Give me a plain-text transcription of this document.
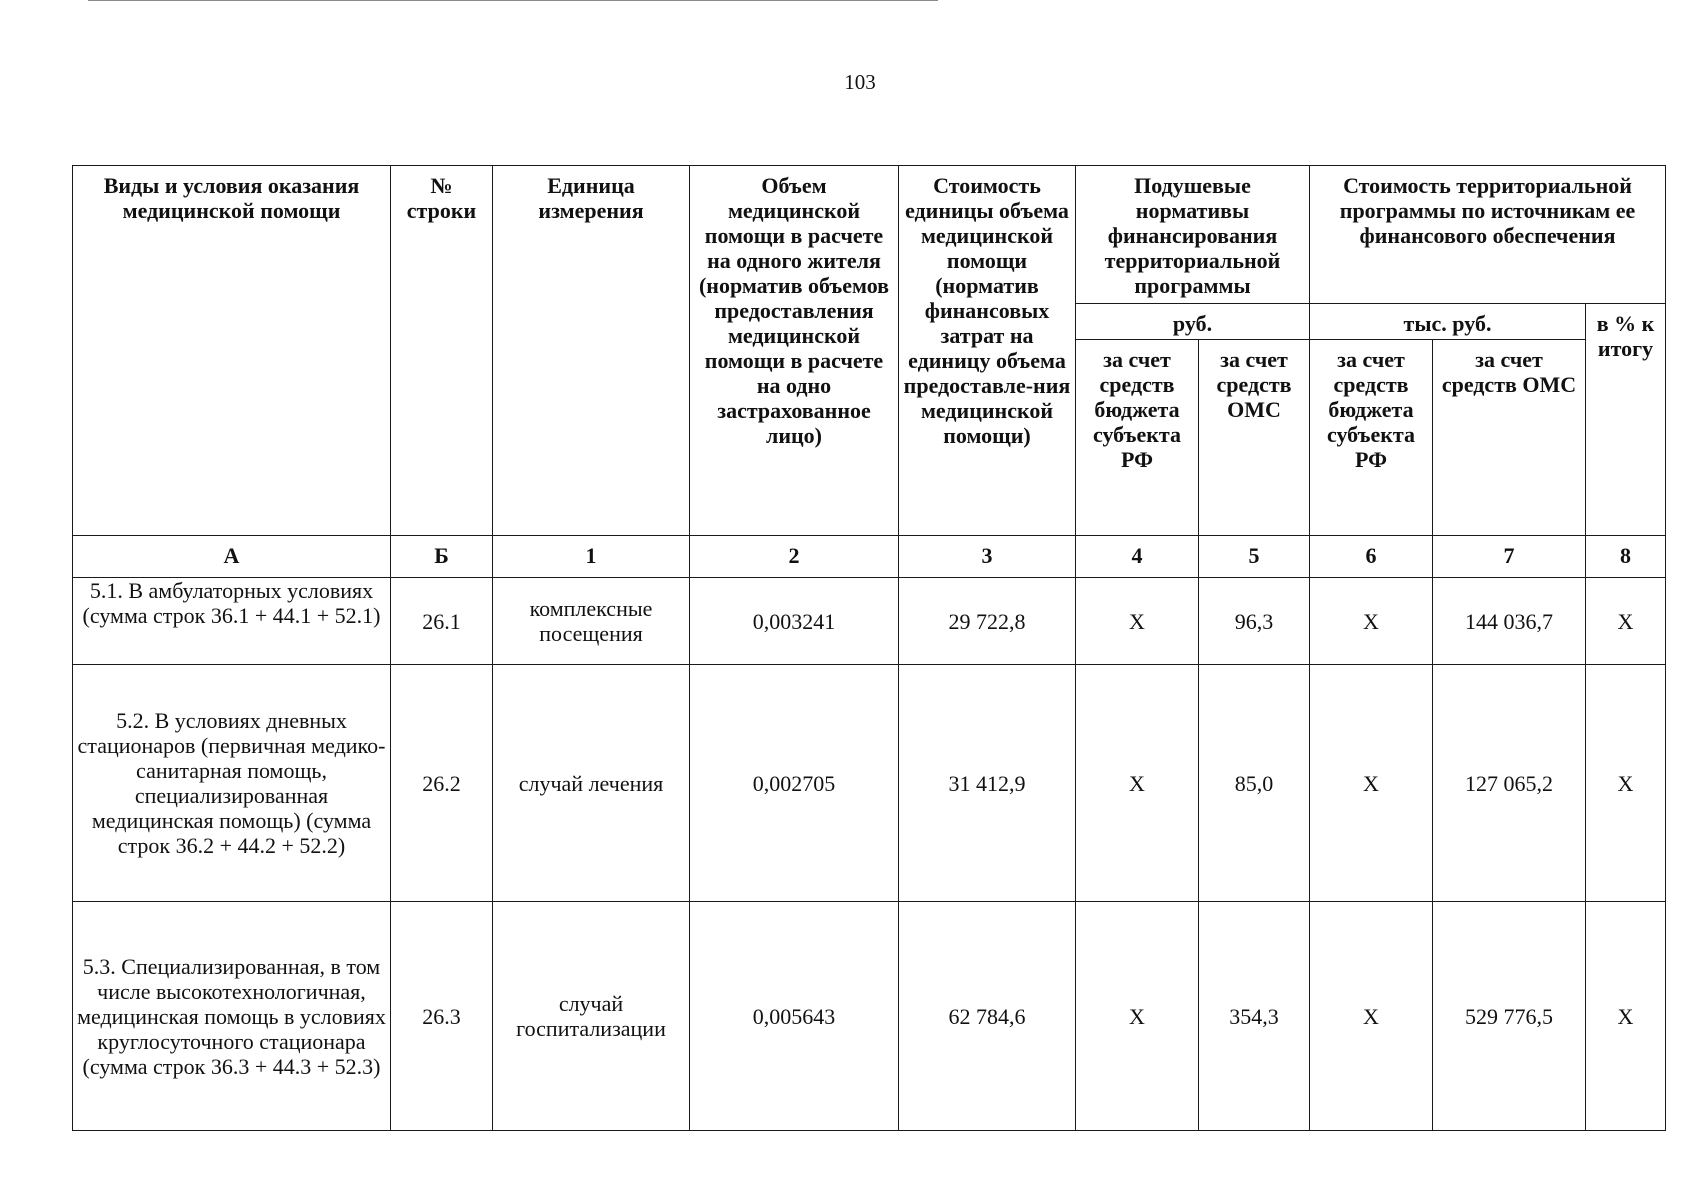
103
Виды и условия оказания медицинской помощи	№ строки	Единица измерения	Объем медицинской помощи в расчете на одного жителя (норматив объемов предоставления медицинской помощи в расчете на одно застрахованное лицо)	Стоимость единицы объема медицинской помощи (норматив финансовых затрат на единицу объема предоставле-ния медицинской помощи)	Подушевые нормативы финансирования территориальной программы		Стоимость территориальной программы по источникам ее финансового обеспечения		
					руб.		тыс. руб.		в % к итогу
					за счет средств бюджета субъекта РФ	за счет средств ОМС	за счет средств бюджета субъекта РФ	за счет средств ОМС	
А	Б	1	2	3	4	5	6	7	8
5.1. В амбулаторных условиях (сумма строк 36.1 + 44.1 + 52.1)	26.1	комплексные посещения	0,003241	29 722,8	Х	96,3	Х	144 036,7	Х
5.2. В условиях дневных стационаров (первичная медико-санитарная помощь, специализированная медицинская помощь) (сумма строк 36.2 + 44.2 + 52.2)	26.2	случай лечения	0,002705	31 412,9	Х	85,0	Х	127 065,2	Х
5.3. Специализированная, в том числе высокотехнологичная, медицинская помощь в условиях круглосуточного стационара (сумма строк 36.3 + 44.3 + 52.3)	26.3	случай госпитализации	0,005643	62 784,6	Х	354,3	Х	529 776,5	Х
